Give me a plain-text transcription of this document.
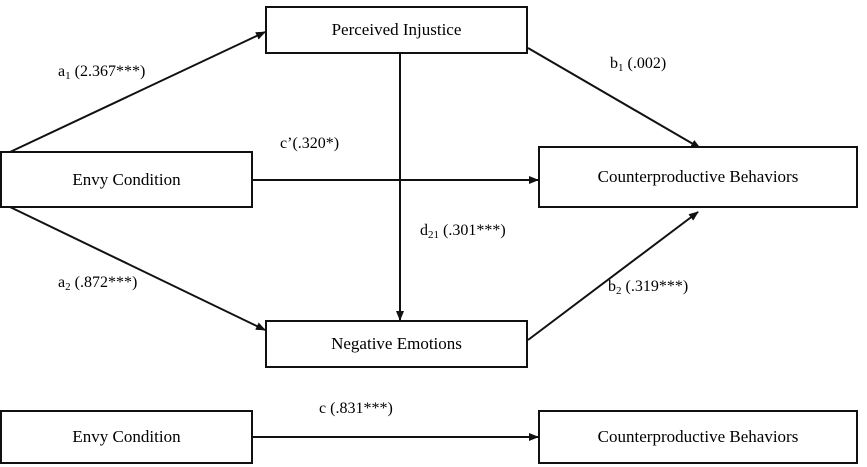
Perceived Injustice
Envy Condition	Counterproductive Behaviors
Negative Emotions
Envy Condition	Counterproductive Behaviors
$a_1$ (2.367***)	$b_1$ (.002)
c’(.320*)
$d_{21}$ (.301***)
$a_2$ (.872***)	$b_2$ (.319***)
c (.831***)
